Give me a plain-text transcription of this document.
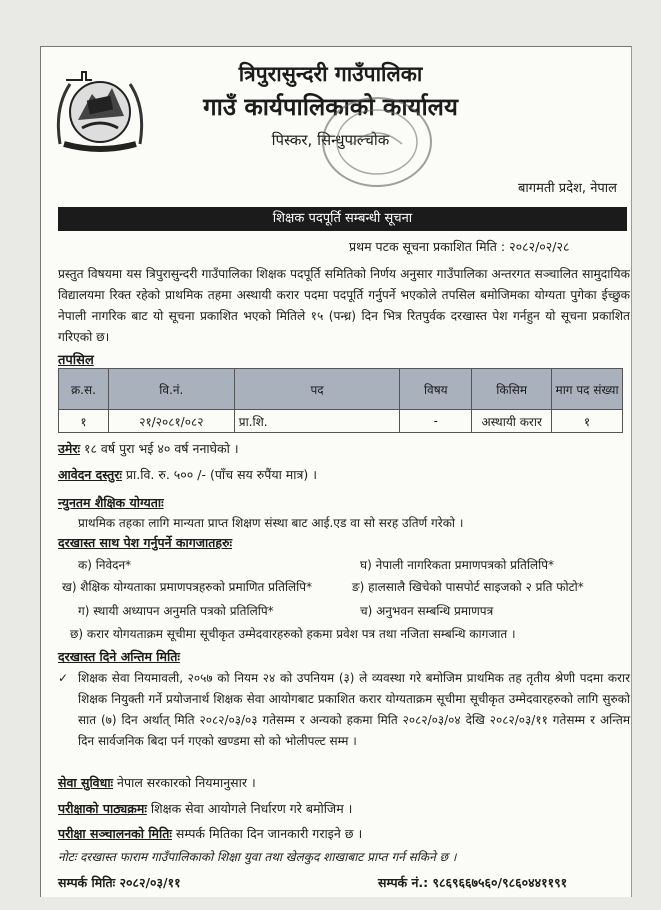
त्रिपुरासुन्दरी गाउँपालिका
गाउँ कार्यपालिकाको कार्यालय
पिस्कर, सिन्धुपाल्चोक
बागमती प्रदेश, नेपाल
शिक्षक पदपूर्ति सम्बन्धी सूचना
प्रथम पटक सूचना प्रकाशित मिति : २०८२/०२/२८
प्रस्तुत विषयमा यस त्रिपुरासुन्दरी गाउँपालिका शिक्षक पदपूर्ति समितिको निर्णय अनुसार गाउँपालिका अन्तरगत सञ्चालित सामुदायिक विद्यालयमा रिक्त रहेको प्राथमिक तहमा अस्थायी करार पदमा पदपूर्ति गर्नुपर्ने भएकोले तपसिल बमोजिमका योग्यता पुगेका ईच्छुक नेपाली नागरिक बाट यो सूचना प्रकाशित भएको मितिले १५ (पन्ध्र) दिन भित्र रितपुर्वक दरखास्त पेश गर्नहुन यो सूचना प्रकाशित गरिएको छ।
तपसिल
क्र.स.	वि.नं.	पद	विषय	किसिम	माग पद संख्या
१	२१/२०८१/०८२	प्रा.शि.	-	अस्थायी करार	१
उमेरः १८ वर्ष पुरा भई ४० वर्ष ननाघेको ।
आवेदन दस्तुरः प्रा.वि. रु. ५०० /- (पाँच सय रुपैंया मात्र) ।
न्युनतम शैक्षिक योग्यताः
प्राथमिक तहका लागि मान्यता प्राप्त शिक्षण संस्था बाट आई.एड वा सो सरह उतिर्ण गरेको ।
दरखास्त साथ पेश गर्नुपर्ने कागजातहरुः
क) निवेदन*	घ) नेपाली नागरिकता प्रमाणपत्रको प्रतिलिपि*
ख) शैक्षिक योग्यताका प्रमाणपत्रहरुको प्रमाणित प्रतिलिपि*	ङ) हालसालै खिचेको पासपोर्ट साइजको २ प्रति फोटो*
ग) स्थायी अध्यापन अनुमति पत्रको प्रतिलिपि*	च) अनुभवन सम्बन्धि प्रमाणपत्र
छ) करार योगयताक्रम सूचीमा सूचीकृत उम्मेदवारहरुको हकमा प्रवेश पत्र तथा नजिता सम्बन्धि कागजात ।
दरखास्त दिने अन्तिम मितिः
✓ शिक्षक सेवा नियमावली, २०५७ को नियम २४ को उपनियम (३) ले व्यवस्था गरे बमोजिम प्राथमिक तह तृतीय श्रेणी पदमा करार शिक्षक नियुक्ती गर्ने प्रयोजनार्थ शिक्षक सेवा आयोगबाट प्रकाशित करार योग्यताक्रम सूचीमा सूचीकृत उम्मेदवारहरुको लागि सुरुको सात (७) दिन अर्थात् मिति २०८२/०३/०३ गतेसम्म र अन्यको हकमा मिति २०८२/०३/०४ देखि २०८२/०३/११ गतेसम्म र अन्तिम दिन सार्वजनिक बिदा पर्न गएको खण्डमा सो को भोलीपल्ट सम्म ।
सेवा सुविधाः नेपाल सरकारको नियमानुसार ।
परीक्षाको पाठ्यक्रमः शिक्षक सेवा आयोगले निर्धारण गरे बमोजिम ।
परीक्षा सञ्चालनको मितिः सम्पर्क मितिका दिन जानकारी गराइने छ ।
नोटः दरखास्त फाराम गाउँपालिकाको शिक्षा युवा तथा खेलकुद शाखाबाट प्राप्त गर्न सकिने छ ।
सम्पर्क मितिः २०८२/०३/११	सम्पर्क नं.: ९८६९६६७५६०/९८६०४४११९१
